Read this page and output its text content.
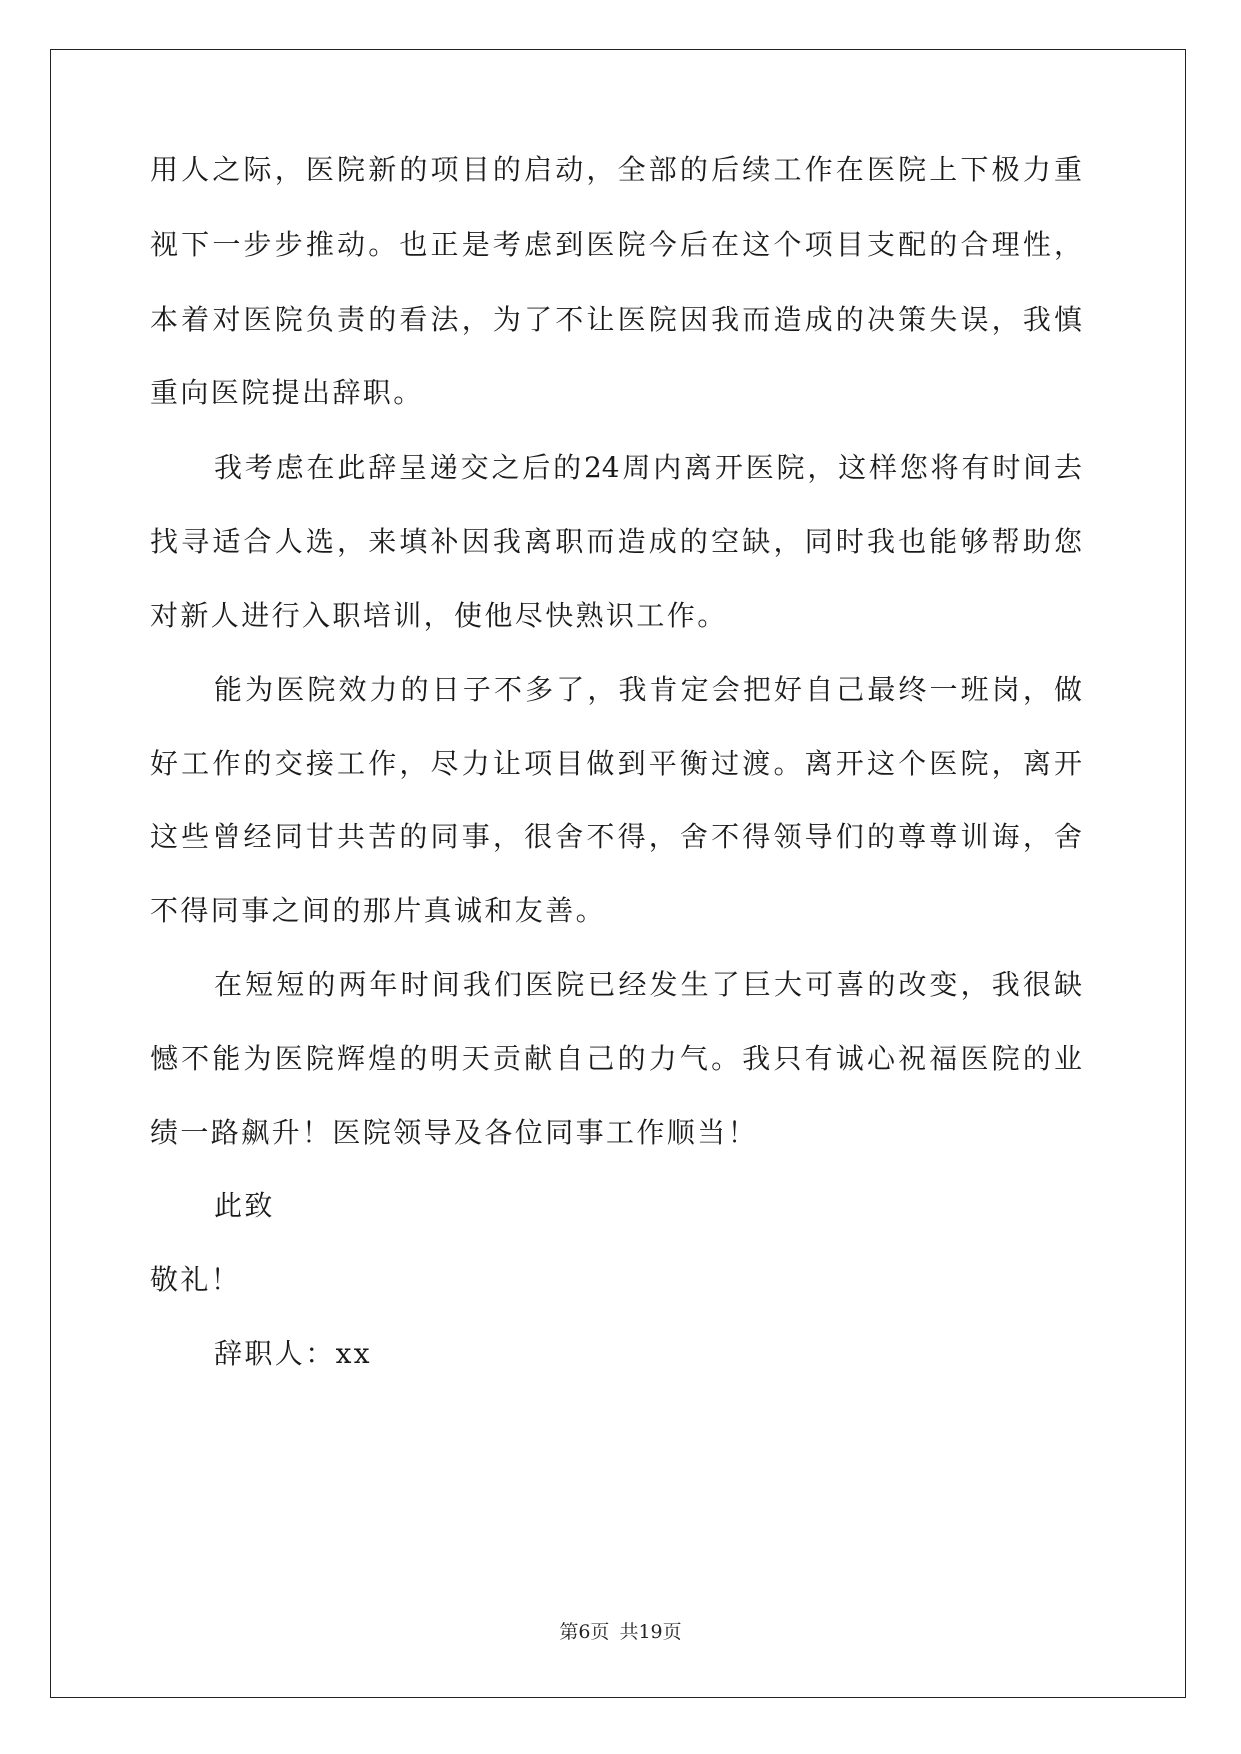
用人之际，医院新的项目的启动，全部的后续工作在医院上下极力重
视下一步步推动。也正是考虑到医院今后在这个项目支配的合理性，
本着对医院负责的看法，为了不让医院因我而造成的决策失误，我慎
重向医院提出辞职。
我考虑在此辞呈递交之后的24周内离开医院，这样您将有时间去
找寻适合人选，来填补因我离职而造成的空缺，同时我也能够帮助您
对新人进行入职培训，使他尽快熟识工作。
能为医院效力的日子不多了，我肯定会把好自己最终一班岗，做
好工作的交接工作，尽力让项目做到平衡过渡。离开这个医院，离开
这些曾经同甘共苦的同事，很舍不得，舍不得领导们的尊尊训诲，舍
不得同事之间的那片真诚和友善。
在短短的两年时间我们医院已经发生了巨大可喜的改变，我很缺
憾不能为医院辉煌的明天贡献自己的力气。我只有诚心祝福医院的业
绩一路飙升！医院领导及各位同事工作顺当！
此致
敬礼！
辞职人：xx
第6页 共19页
